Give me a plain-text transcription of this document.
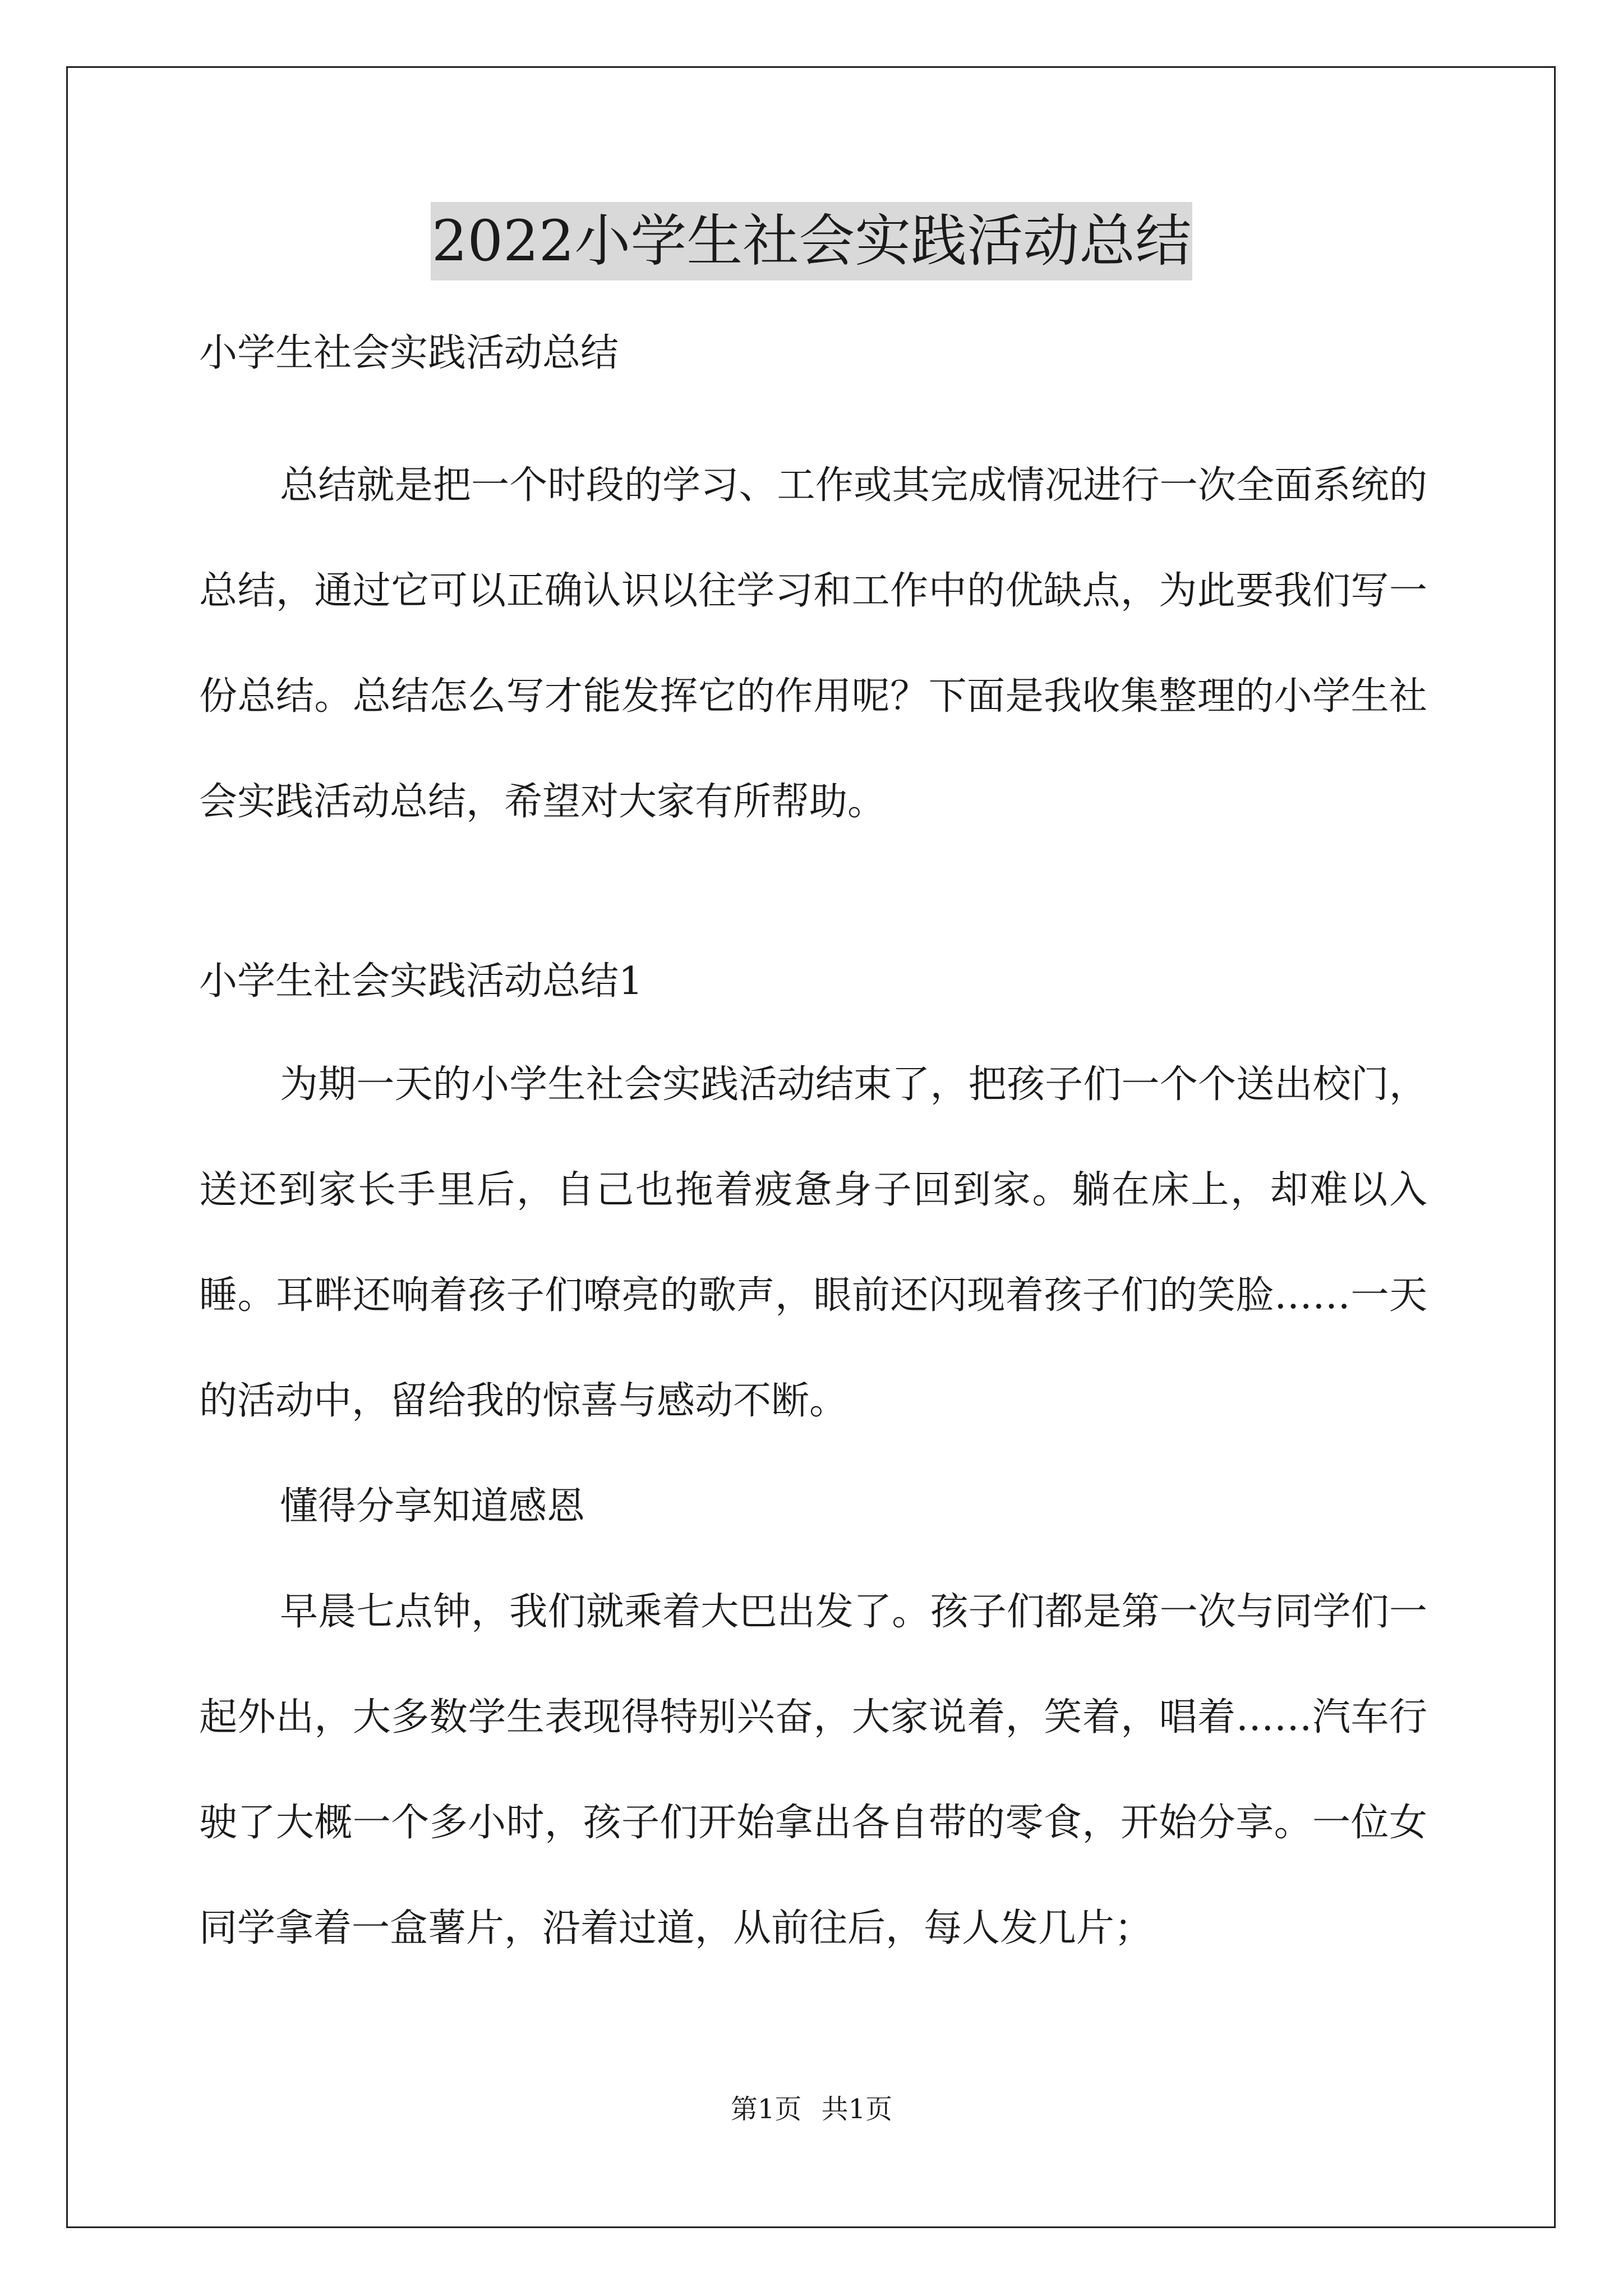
2022小学生社会实践活动总结

小学生社会实践活动总结

总结就是把一个时段的学习、工作或其完成情况进行一次全面系统的总结，通过它可以正确认识以往学习和工作中的优缺点，为此要我们写一份总结。总结怎么写才能发挥它的作用呢？下面是我收集整理的小学生社会实践活动总结，希望对大家有所帮助。

小学生社会实践活动总结1

为期一天的小学生社会实践活动结束了，把孩子们一个个送出校门，送还到家长手里后，自己也拖着疲惫身子回到家。躺在床上，却难以入睡。耳畔还响着孩子们嘹亮的歌声，眼前还闪现着孩子们的笑脸……一天的活动中，留给我的惊喜与感动不断。

懂得分享知道感恩

早晨七点钟，我们就乘着大巴出发了。孩子们都是第一次与同学们一起外出，大多数学生表现得特别兴奋，大家说着，笑着，唱着……汽车行驶了大概一个多小时，孩子们开始拿出各自带的零食，开始分享。一位女同学拿着一盒薯片，沿着过道，从前往后，每人发几片；

第1页 共1页
